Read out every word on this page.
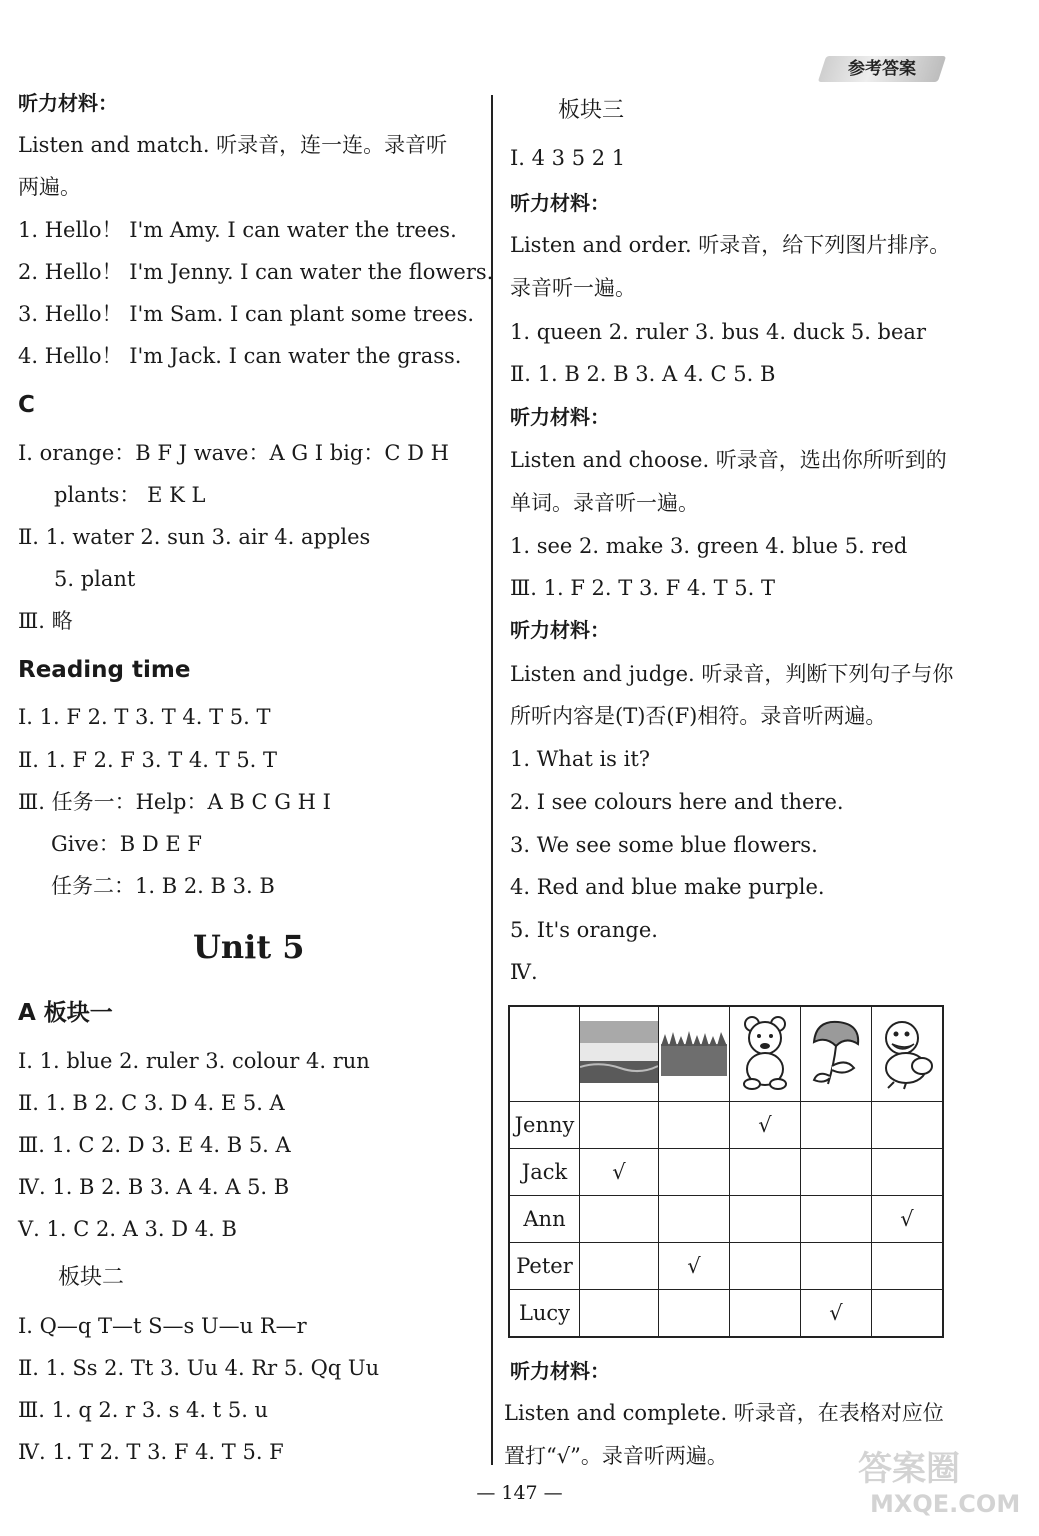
参考答案
听力材料：
Listen and match. 听录音，连一连。录音听
两遍。
1. Hello！ I'm Amy. I can water the trees.
2. Hello！ I'm Jenny. I can water the flowers.
3. Hello！ I'm Sam. I can plant some trees.
4. Hello！ I'm Jack. I can water the grass.
C
Ⅰ. orange：B F J wave：A G I big：C D H
plants： E K L
Ⅱ. 1. water 2. sun 3. air 4. apples
5. plant
Ⅲ. 略
Reading time
Ⅰ. 1. F 2. T 3. T 4. T 5. T
Ⅱ. 1. F 2. F 3. T 4. T 5. T
Ⅲ. 任务一：Help：A B C G H I
Give：B D E F
任务二：1. B 2. B 3. B
Unit 5
A 板块一
Ⅰ. 1. blue 2. ruler 3. colour 4. run
Ⅱ. 1. B 2. C 3. D 4. E 5. A
Ⅲ. 1. C 2. D 3. E 4. B 5. A
Ⅳ. 1. B 2. B 3. A 4. A 5. B
Ⅴ. 1. C 2. A 3. D 4. B
板块二
Ⅰ. Q—q T—t S—s U—u R—r
Ⅱ. 1. Ss 2. Tt 3. Uu 4. Rr 5. Qq Uu
Ⅲ. 1. q 2. r 3. s 4. t 5. u
Ⅳ. 1. T 2. T 3. F 4. T 5. F
板块三
Ⅰ. 4 3 5 2 1
听力材料：
Listen and order. 听录音，给下列图片排序。
录音听一遍。
1. queen 2. ruler 3. bus 4. duck 5. bear
Ⅱ. 1. B 2. B 3. A 4. C 5. B
听力材料：
Listen and choose. 听录音，选出你所听到的
单词。录音听一遍。
1. see 2. make 3. green 4. blue 5. red
Ⅲ. 1. F 2. T 3. F 4. T 5. T
听力材料：
Listen and judge. 听录音，判断下列句子与你
所听内容是(T)否(F)相符。录音听两遍。
1. What is it?
2. I see colours here and there.
3. We see some blue flowers.
4. Red and blue make purple.
5. It's orange.
Ⅳ.
听力材料：
Listen and complete. 听录音，在表格对应位
置打“√”。录音听两遍。

Jenny			√		
Jack	√				
Ann					√
Peter		√			
Lucy				√	
— 147 —
答案圈
MXQE.COM
